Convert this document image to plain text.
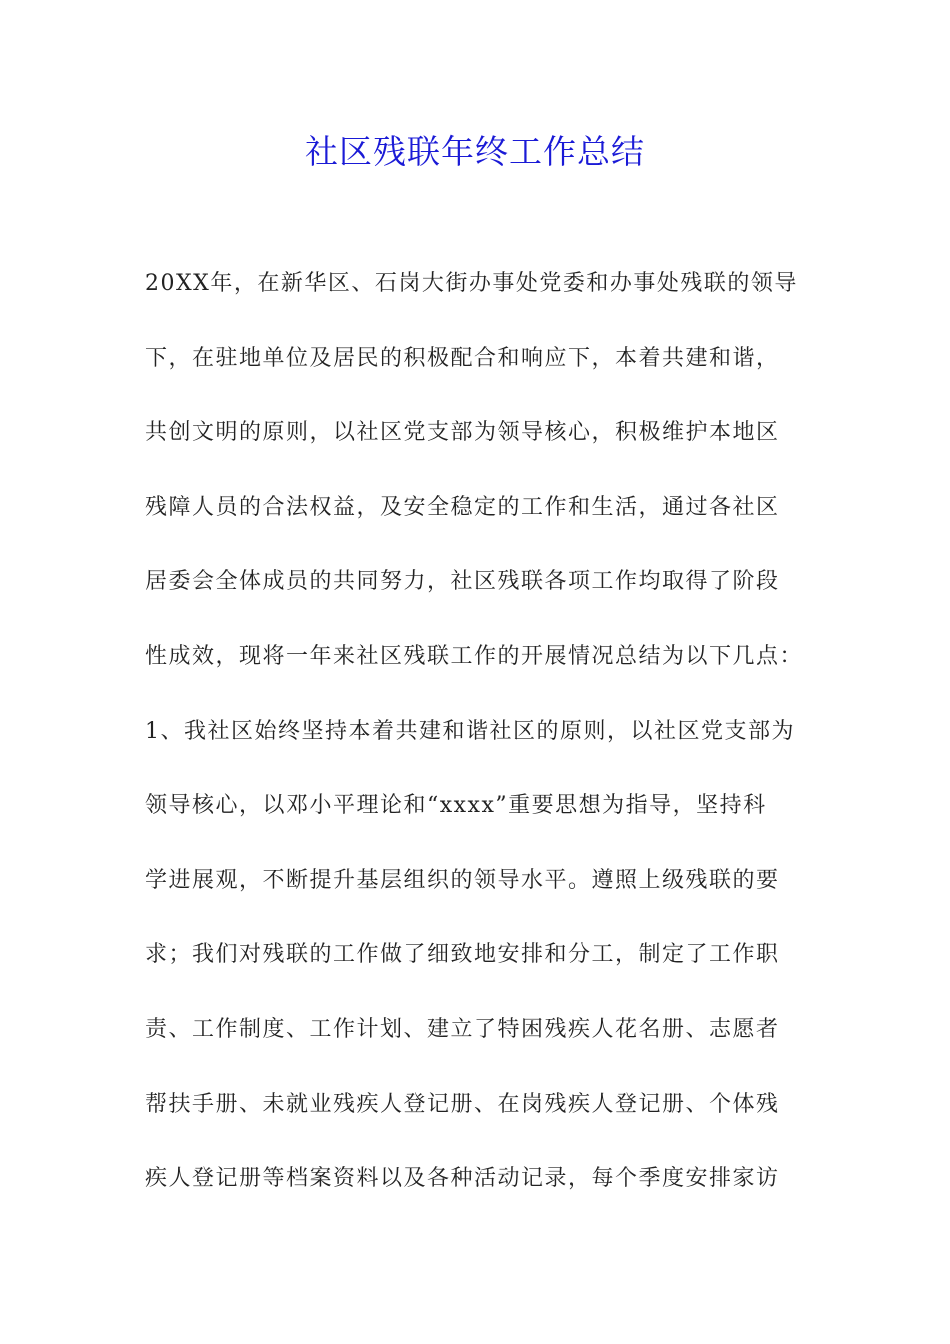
社区残联年终工作总结
20XX年，在新华区、石岗大街办事处党委和办事处残联的领导
下，在驻地单位及居民的积极配合和响应下，本着共建和谐，
共创文明的原则，以社区党支部为领导核心，积极维护本地区
残障人员的合法权益，及安全稳定的工作和生活，通过各社区
居委会全体成员的共同努力，社区残联各项工作均取得了阶段
性成效，现将一年来社区残联工作的开展情况总结为以下几点：
1、我社区始终坚持本着共建和谐社区的原则，以社区党支部为
领导核心，以邓小平理论和“xxxx”重要思想为指导，坚持科
学进展观，不断提升基层组织的领导水平。遵照上级残联的要
求；我们对残联的工作做了细致地安排和分工，制定了工作职
责、工作制度、工作计划、建立了特困残疾人花名册、志愿者
帮扶手册、未就业残疾人登记册、在岗残疾人登记册、个体残
疾人登记册等档案资料以及各种活动记录，每个季度安排家访
